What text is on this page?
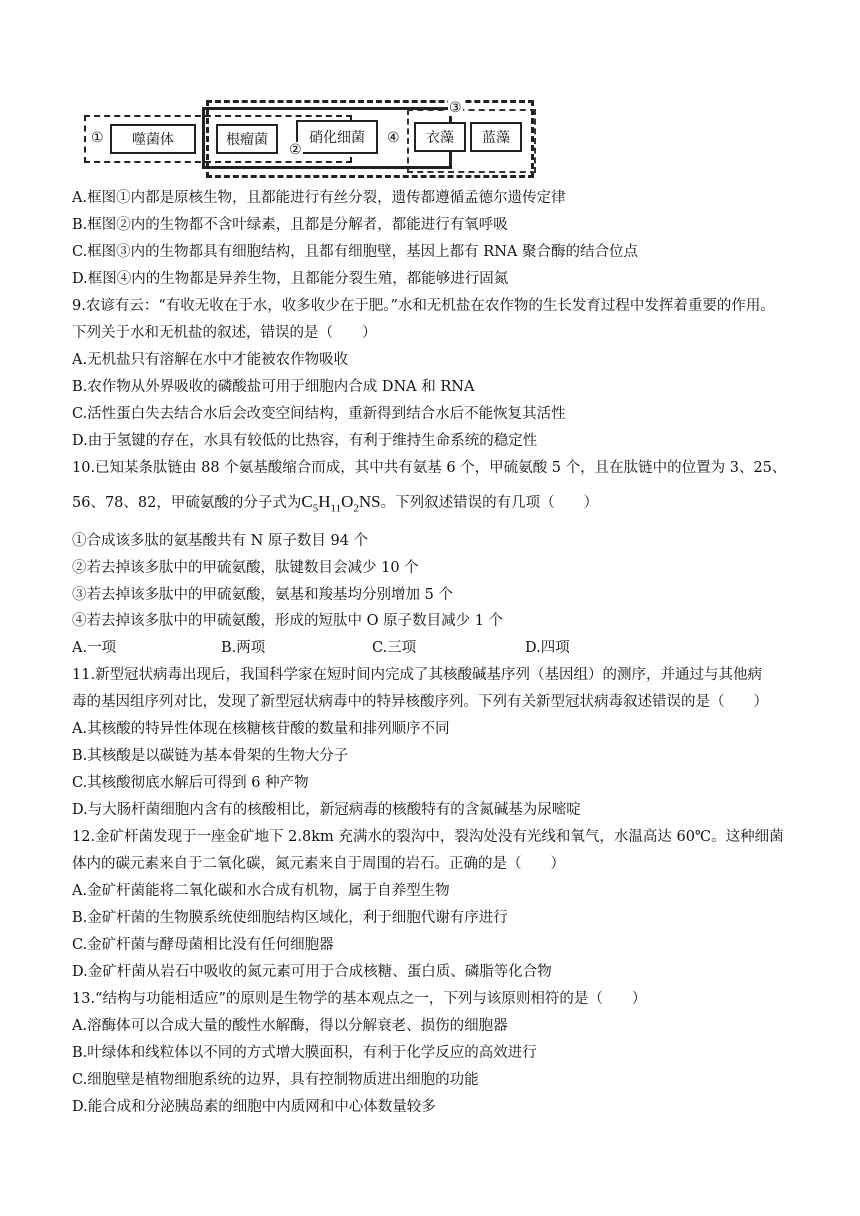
噬菌体	根瘤菌	硝化细菌	衣藻	蓝藻
①
②
③
④
A.框图①内都是原核生物，且都能进行有丝分裂，遗传都遵循孟德尔遗传定律
B.框图②内的生物都不含叶绿素，且都是分解者，都能进行有氧呼吸
C.框图③内的生物都具有细胞结构，且都有细胞壁，基因上都有 RNA 聚合酶的结合位点
D.框图④内的生物都是异养生物，且都能分裂生殖，都能够进行固氮
9.农谚有云：“有收无收在于水，收多收少在于肥。”水和无机盐在农作物的生长发育过程中发挥着重要的作用。
下列关于水和无机盐的叙述，错误的是（　　）
A.无机盐只有溶解在水中才能被农作物吸收
B.农作物从外界吸收的磷酸盐可用于细胞内合成 DNA 和 RNA
C.活性蛋白失去结合水后会改变空间结构，重新得到结合水后不能恢复其活性
D.由于氢键的存在，水具有较低的比热容，有利于维持生命系统的稳定性
10.已知某条肽链由 88 个氨基酸缩合而成，其中共有氨基 6 个，甲硫氨酸 5 个，且在肽链中的位置为 3、25、
56、78、82，甲硫氨酸的分子式为$C_5H_{11}O_2NS$。下列叙述错误的有几项（　　）
①合成该多肽的氨基酸共有 N 原子数目 94 个
②若去掉该多肽中的甲硫氨酸，肽键数目会减少 10 个
③若去掉该多肽中的甲硫氨酸，氨基和羧基均分别增加 5 个
④若去掉该多肽中的甲硫氨酸，形成的短肽中 O 原子数目减少 1 个
A.一项	B.两项	C.三项	D.四项
11.新型冠状病毒出现后，我国科学家在短时间内完成了其核酸碱基序列（基因组）的测序，并通过与其他病
毒的基因组序列对比，发现了新型冠状病毒中的特异核酸序列。下列有关新型冠状病毒叙述错误的是（　　）
A.其核酸的特异性体现在核糖核苷酸的数量和排列顺序不同
B.其核酸是以碳链为基本骨架的生物大分子
C.其核酸彻底水解后可得到 6 种产物
D.与大肠杆菌细胞内含有的核酸相比，新冠病毒的核酸特有的含氮碱基为尿嘧啶
12.金矿杆菌发现于一座金矿地下 2.8km 充满水的裂沟中，裂沟处没有光线和氧气，水温高达 60℃。这种细菌
体内的碳元素来自于二氧化碳，氮元素来自于周围的岩石。正确的是（　　）
A.金矿杆菌能将二氧化碳和水合成有机物，属于自养型生物
B.金矿杆菌的生物膜系统使细胞结构区域化，利于细胞代谢有序进行
C.金矿杆菌与酵母菌相比没有任何细胞器
D.金矿杆菌从岩石中吸收的氮元素可用于合成核糖、蛋白质、磷脂等化合物
13.“结构与功能相适应”的原则是生物学的基本观点之一，下列与该原则相符的是（　　）
A.溶酶体可以合成大量的酸性水解酶，得以分解衰老、损伤的细胞器
B.叶绿体和线粒体以不同的方式增大膜面积，有利于化学反应的高效进行
C.细胞壁是植物细胞系统的边界，具有控制物质进出细胞的功能
D.能合成和分泌胰岛素的细胞中内质网和中心体数量较多
